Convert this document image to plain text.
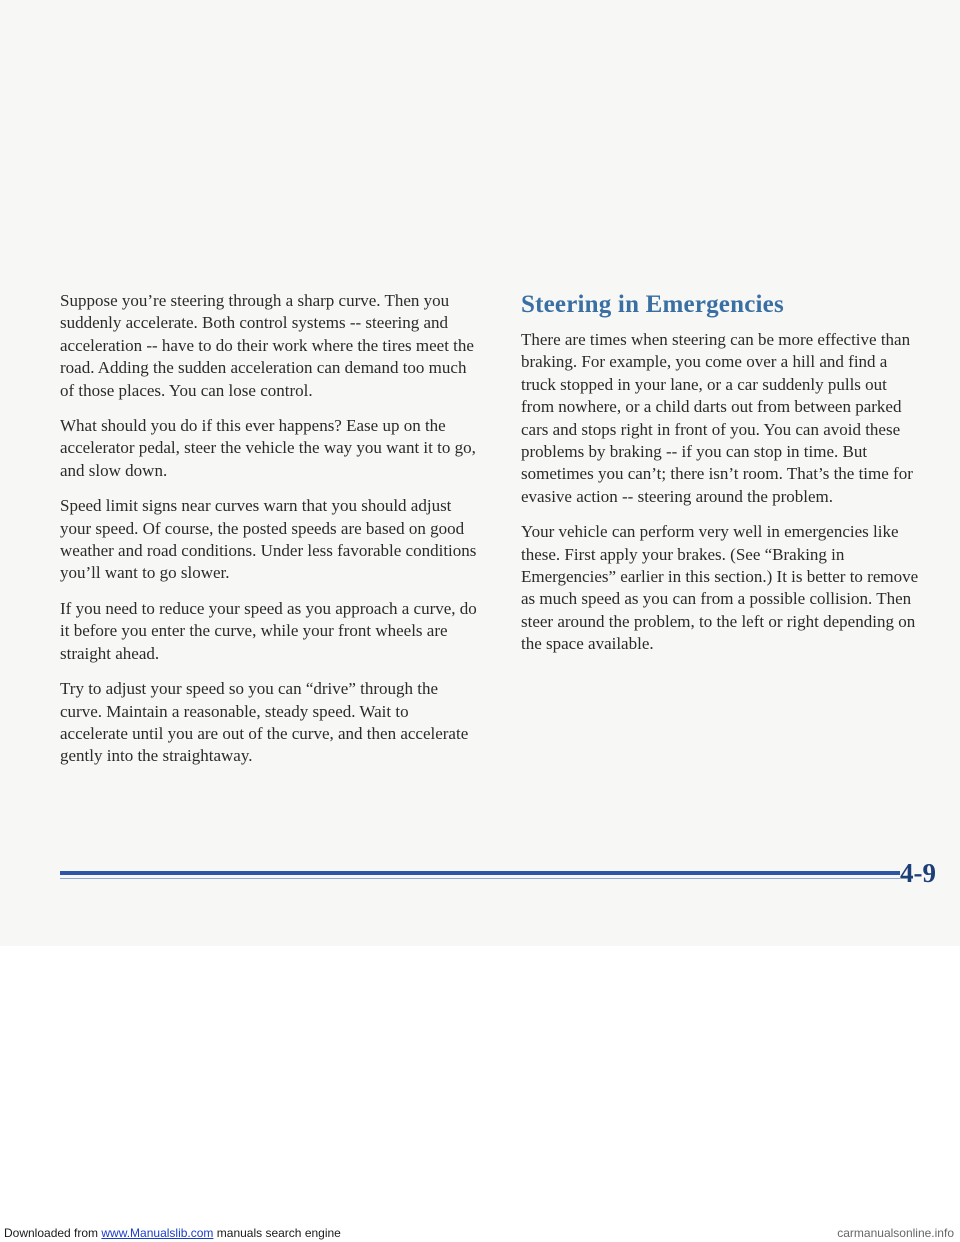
Suppose you’re steering through a sharp curve. Then you suddenly accelerate. Both control systems -- steering and acceleration -- have to do their work where the tires meet the road. Adding the sudden acceleration can demand too much of those places. You can lose control.

What should you do if this ever happens? Ease up on the accelerator pedal, steer the vehicle the way you want it to go, and slow down.

Speed limit signs near curves warn that you should adjust your speed. Of course, the posted speeds are based on good weather and road conditions. Under less favorable conditions you’ll want to go slower.

If you need to reduce your speed as you approach a curve, do it before you enter the curve, while your front wheels are straight ahead.

Try to adjust your speed so you can “drive” through the curve. Maintain a reasonable, steady speed. Wait to accelerate until you are out of the curve, and then accelerate gently into the straightaway.

Steering in Emergencies

There are times when steering can be more effective than braking. For example, you come over a hill and find a truck stopped in your lane, or a car suddenly pulls out from nowhere, or a child darts out from between parked cars and stops right in front of you. You can avoid these problems by braking -- if you can stop in time. But sometimes you can’t; there isn’t room. That’s the time for evasive action -- steering around the problem.

Your vehicle can perform very well in emergencies like these. First apply your brakes. (See “Braking in Emergencies” earlier in this section.) It is better to remove as much speed as you can from a possible collision. Then steer around the problem, to the left or right depending on the space available.

4-9
Downloaded from www.Manualslib.com manuals search engine	carmanualsonline.info
